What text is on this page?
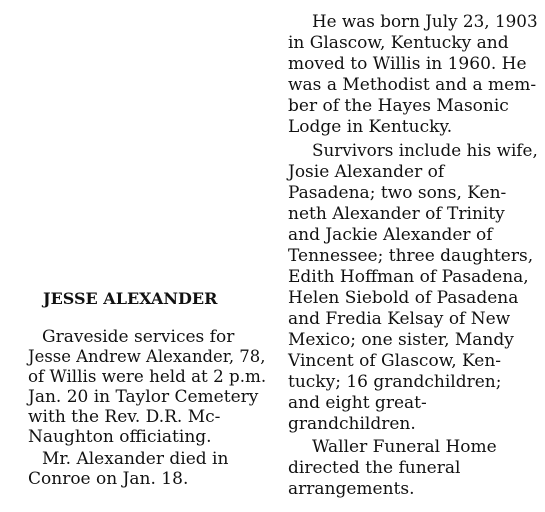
JESSE ALEXANDER
Graveside services for
Jesse Andrew Alexander, 78,
of Willis were held at 2 p.m.
Jan. 20 in Taylor Cemetery
with the Rev. D.R. Mc-
Naughton officiating.
Mr. Alexander died in
Conroe on Jan. 18.
He was born July 23, 1903
in Glascow, Kentucky and
moved to Willis in 1960. He
was a Methodist and a mem-
ber of the Hayes Masonic
Lodge in Kentucky.
Survivors include his wife,
Josie Alexander of
Pasadena; two sons, Ken-
neth Alexander of Trinity
and Jackie Alexander of
Tennessee; three daughters,
Edith Hoffman of Pasadena,
Helen Siebold of Pasadena
and Fredia Kelsay of New
Mexico; one sister, Mandy
Vincent of Glascow, Ken-
tucky; 16 grandchildren;
and eight great-
grandchildren.
Waller Funeral Home
directed the funeral
arrangements.
